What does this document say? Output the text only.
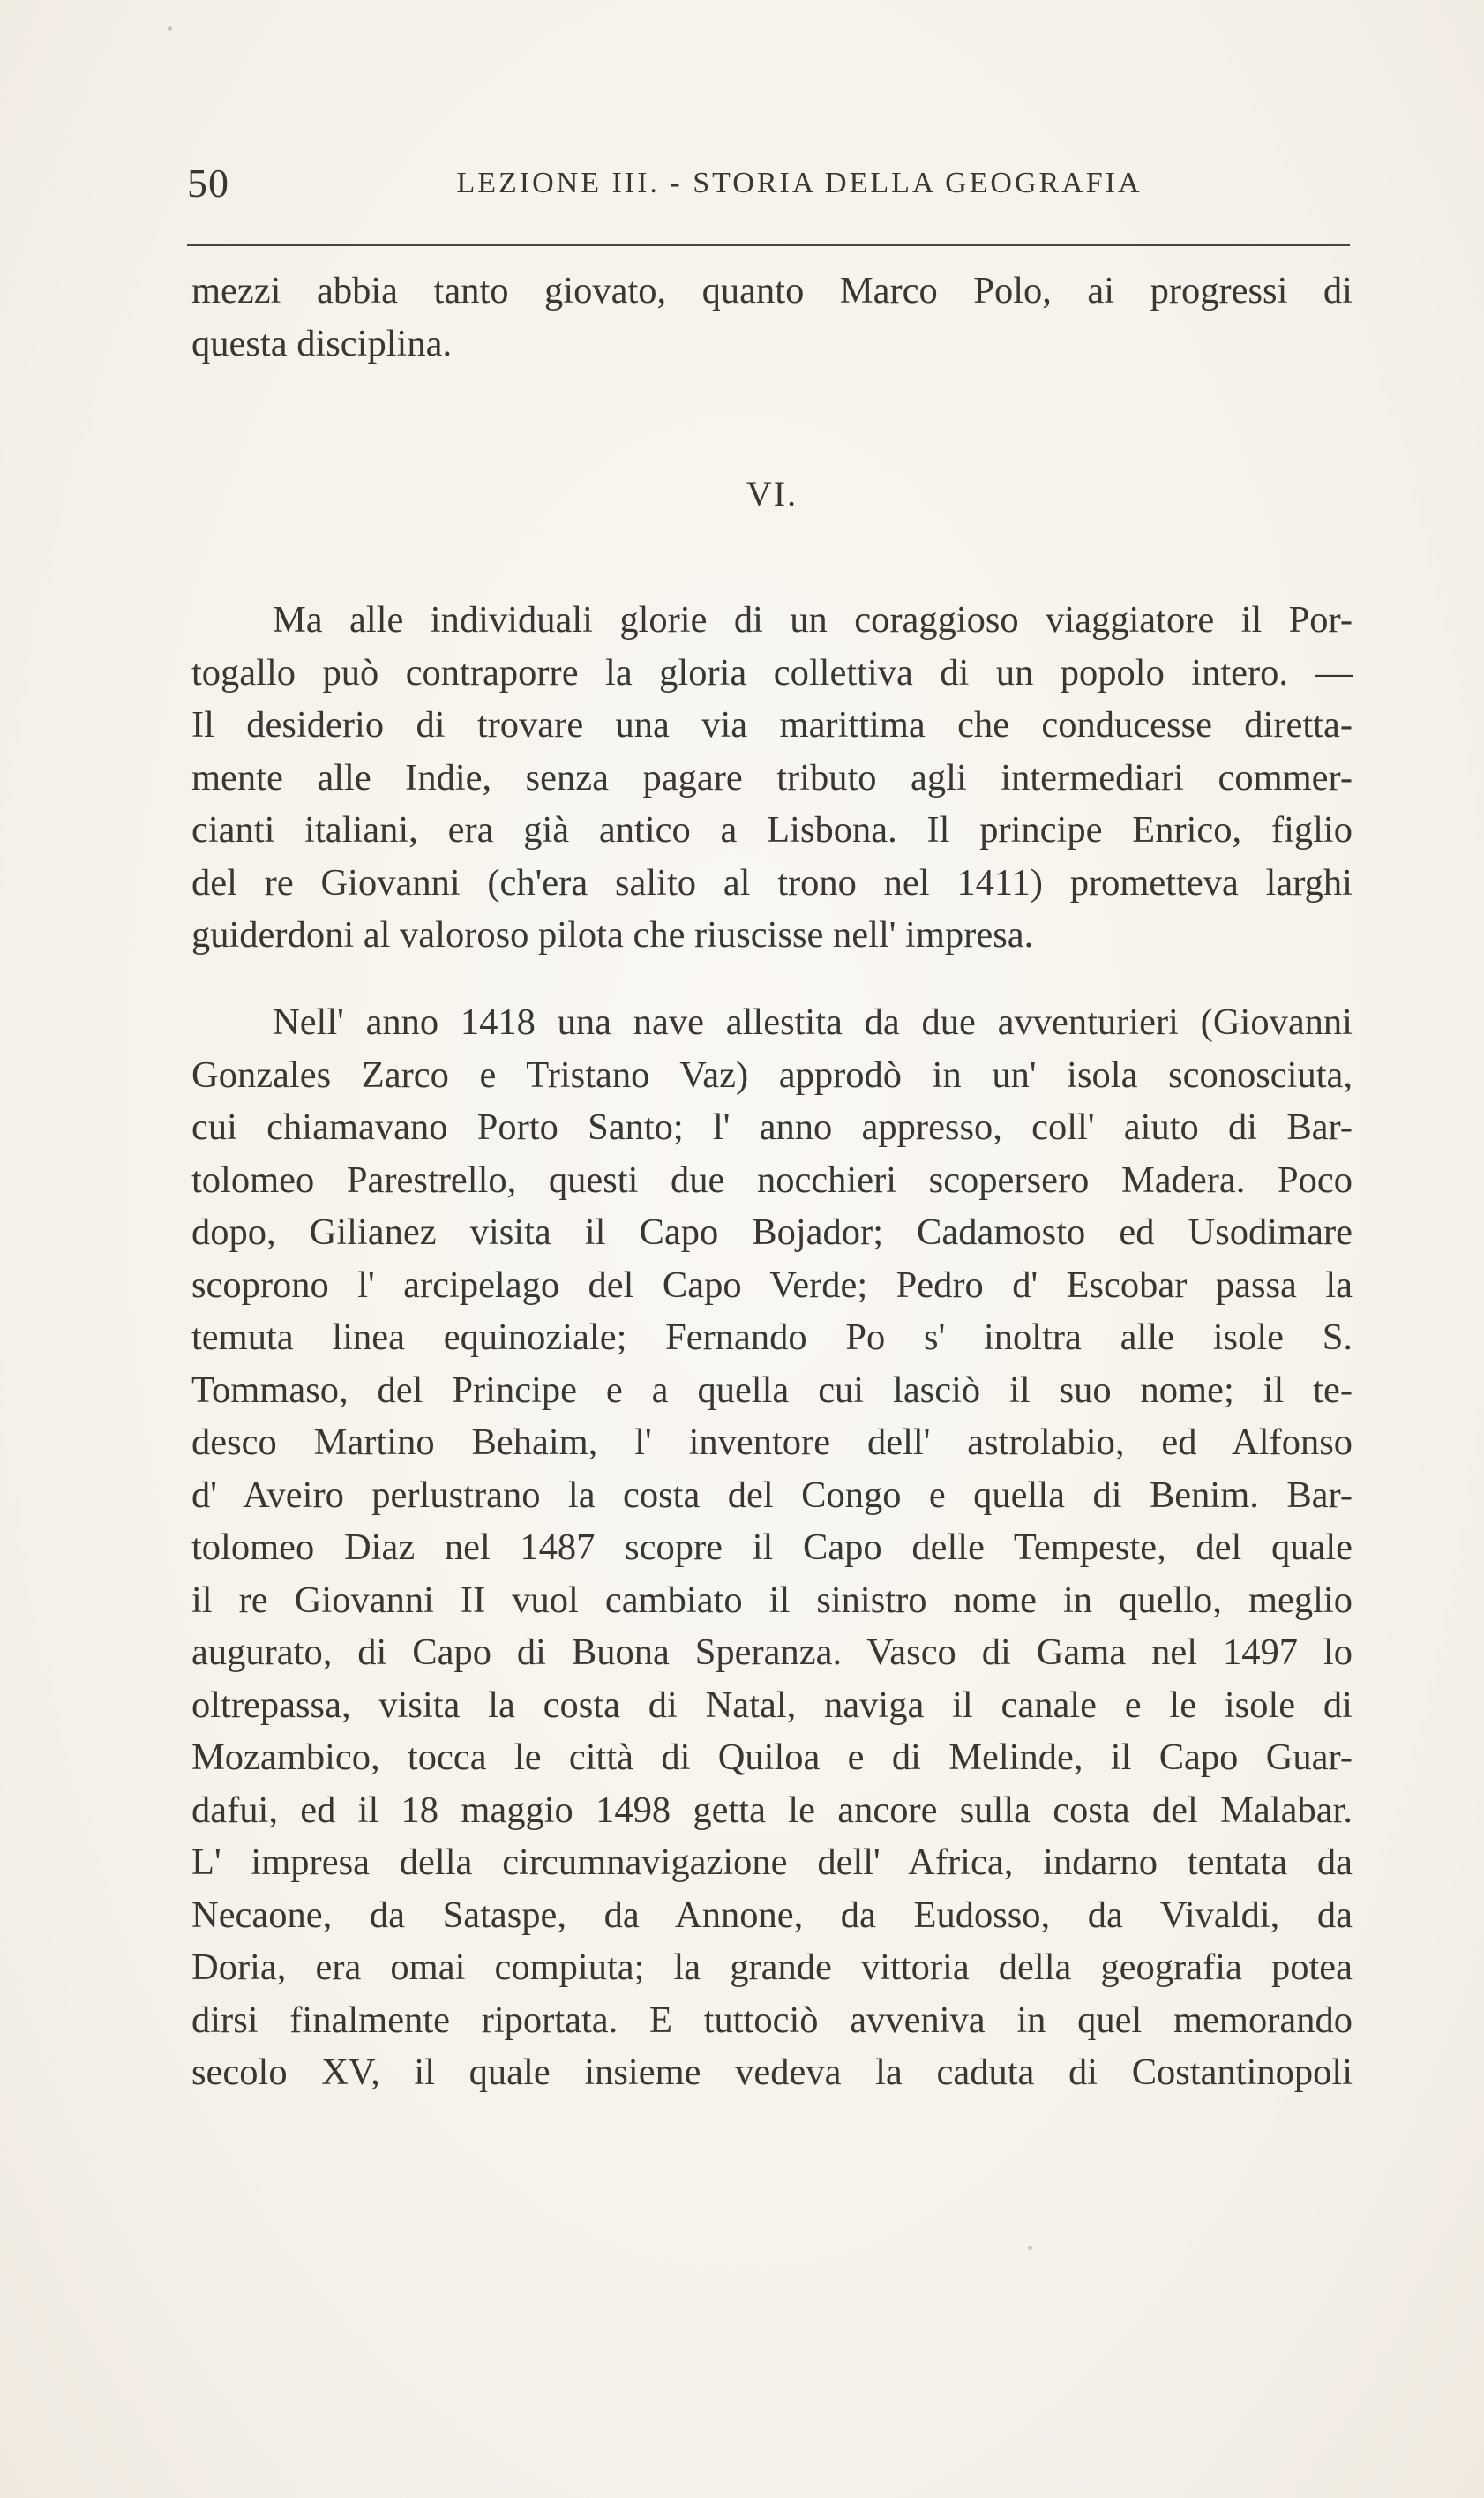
50	LEZIONE III. - STORIA DELLA GEOGRAFIA
mezzi abbia tanto giovato, quanto Marco Polo, ai progressi di
questa disciplina.
VI.
Ma alle individuali glorie di un coraggioso viaggiatore il Por-
togallo può contraporre la gloria collettiva di un popolo intero. —
Il desiderio di trovare una via marittima che conducesse diretta-
mente alle Indie, senza pagare tributo agli intermediari commer-
cianti italiani, era già antico a Lisbona. Il principe Enrico, figlio
del re Giovanni (ch'era salito al trono nel 1411) prometteva larghi
guiderdoni al valoroso pilota che riuscisse nell' impresa.
Nell' anno 1418 una nave allestita da due avventurieri (Giovanni
Gonzales Zarco e Tristano Vaz) approdò in un' isola sconosciuta,
cui chiamavano Porto Santo; l' anno appresso, coll' aiuto di Bar-
tolomeo Parestrello, questi due nocchieri scopersero Madera. Poco
dopo, Gilianez visita il Capo Bojador; Cadamosto ed Usodimare
scoprono l' arcipelago del Capo Verde; Pedro d' Escobar passa la
temuta linea equinoziale; Fernando Po s' inoltra alle isole S.
Tommaso, del Principe e a quella cui lasciò il suo nome; il te-
desco Martino Behaim, l' inventore dell' astrolabio, ed Alfonso
d' Aveiro perlustrano la costa del Congo e quella di Benim. Bar-
tolomeo Diaz nel 1487 scopre il Capo delle Tempeste, del quale
il re Giovanni II vuol cambiato il sinistro nome in quello, meglio
augurato, di Capo di Buona Speranza. Vasco di Gama nel 1497 lo
oltrepassa, visita la costa di Natal, naviga il canale e le isole di
Mozambico, tocca le città di Quiloa e di Melinde, il Capo Guar-
dafui, ed il 18 maggio 1498 getta le ancore sulla costa del Malabar.
L' impresa della circumnavigazione dell' Africa, indarno tentata da
Necaone, da Sataspe, da Annone, da Eudosso, da Vivaldi, da
Doria, era omai compiuta; la grande vittoria della geografia potea
dirsi finalmente riportata. E tuttociò avveniva in quel memorando
secolo XV, il quale insieme vedeva la caduta di Costantinopoli
